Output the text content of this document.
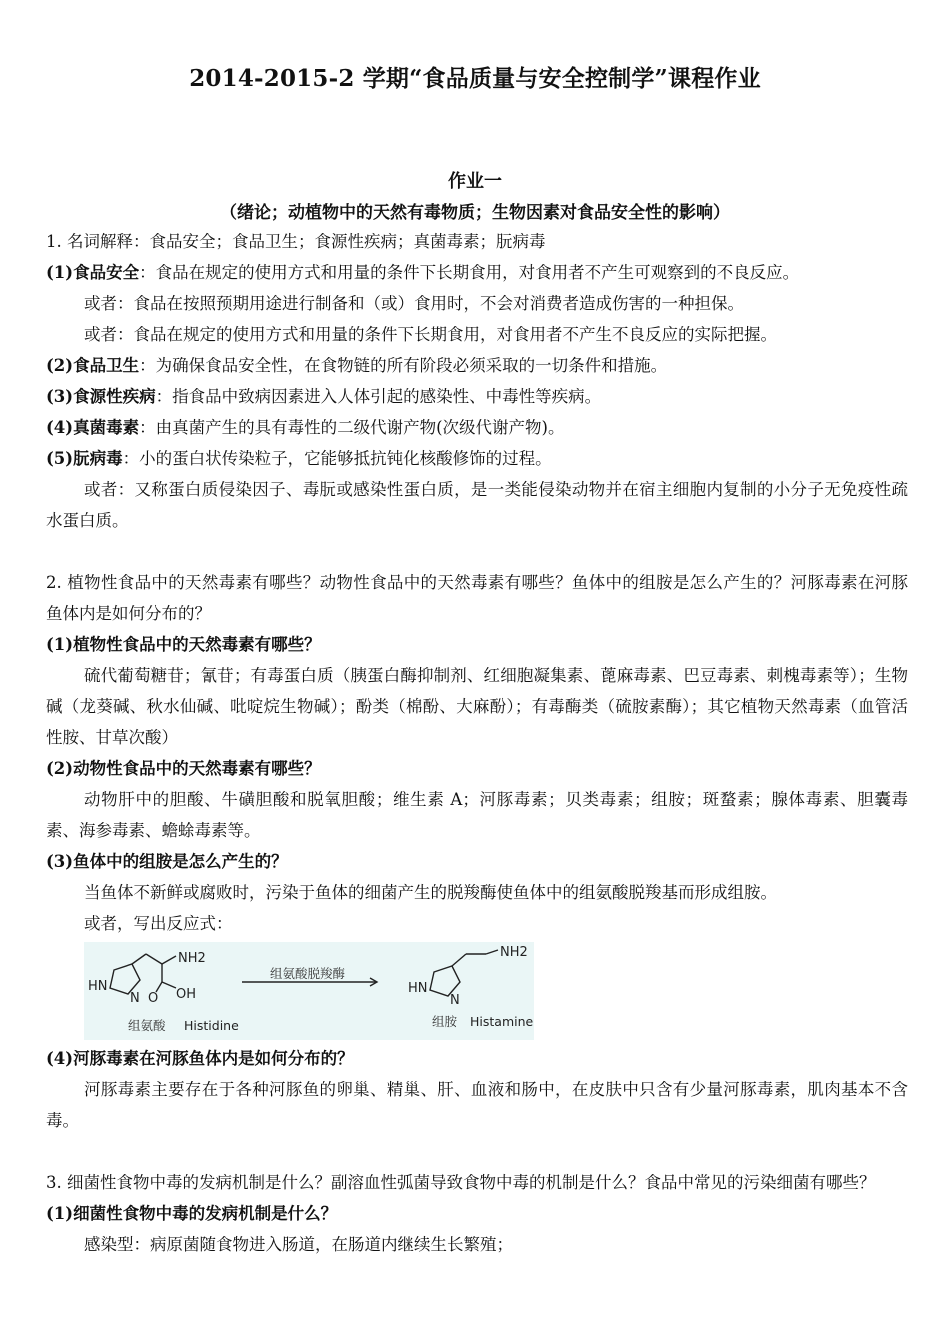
2014-2015-2 学期“食品质量与安全控制学”课程作业
作业一
（绪论；动植物中的天然有毒物质；生物因素对食品安全性的影响）
1. 名词解释：食品安全；食品卫生；食源性疾病；真菌毒素；朊病毒
(1)食品安全：食品在规定的使用方式和用量的条件下长期食用，对食用者不产生可观察到的不良反应。
或者：食品在按照预期用途进行制备和（或）食用时，不会对消费者造成伤害的一种担保。
或者：食品在规定的使用方式和用量的条件下长期食用，对食用者不产生不良反应的实际把握。
(2)食品卫生：为确保食品安全性，在食物链的所有阶段必须采取的一切条件和措施。
(3)食源性疾病：指食品中致病因素进入人体引起的感染性、中毒性等疾病。
(4)真菌毒素：由真菌产生的具有毒性的二级代谢产物(次级代谢产物)。
(5)朊病毒：小的蛋白状传染粒子，它能够抵抗钝化核酸修饰的过程。
或者：又称蛋白质侵染因子、毒朊或感染性蛋白质，是一类能侵染动物并在宿主细胞内复制的小分子无免疫性疏水蛋白质。
2. 植物性食品中的天然毒素有哪些？动物性食品中的天然毒素有哪些？鱼体中的组胺是怎么产生的？河豚毒素在河豚鱼体内是如何分布的？
(1)植物性食品中的天然毒素有哪些？
硫代葡萄糖苷；氰苷；有毒蛋白质（胰蛋白酶抑制剂、红细胞凝集素、蓖麻毒素、巴豆毒素、刺槐毒素等）；生物碱（龙葵碱、秋水仙碱、吡啶烷生物碱）；酚类（棉酚、大麻酚）；有毒酶类（硫胺素酶）；其它植物天然毒素（血管活性胺、甘草次酸）
(2)动物性食品中的天然毒素有哪些？
动物肝中的胆酸、牛磺胆酸和脱氧胆酸；维生素 A；河豚毒素；贝类毒素；组胺；斑蝥素；腺体毒素、胆囊毒素、海参毒素、蟾蜍毒素等。
(3)鱼体中的组胺是怎么产生的？
当鱼体不新鲜或腐败时，污染于鱼体的细菌产生的脱羧酶使鱼体中的组氨酸脱羧基而形成组胺。
或者，写出反应式：
NH2
HN
N O OH
NH2
HN
N
组氨酸 Histidine	组胺 Histamine
组氨酸脱羧酶
(4)河豚毒素在河豚鱼体内是如何分布的？
河豚毒素主要存在于各种河豚鱼的卵巢、精巢、肝、血液和肠中，在皮肤中只含有少量河豚毒素，肌肉基本不含毒。
3. 细菌性食物中毒的发病机制是什么？副溶血性弧菌导致食物中毒的机制是什么？食品中常见的污染细菌有哪些？
(1)细菌性食物中毒的发病机制是什么？
感染型：病原菌随食物进入肠道，在肠道内继续生长繁殖；
